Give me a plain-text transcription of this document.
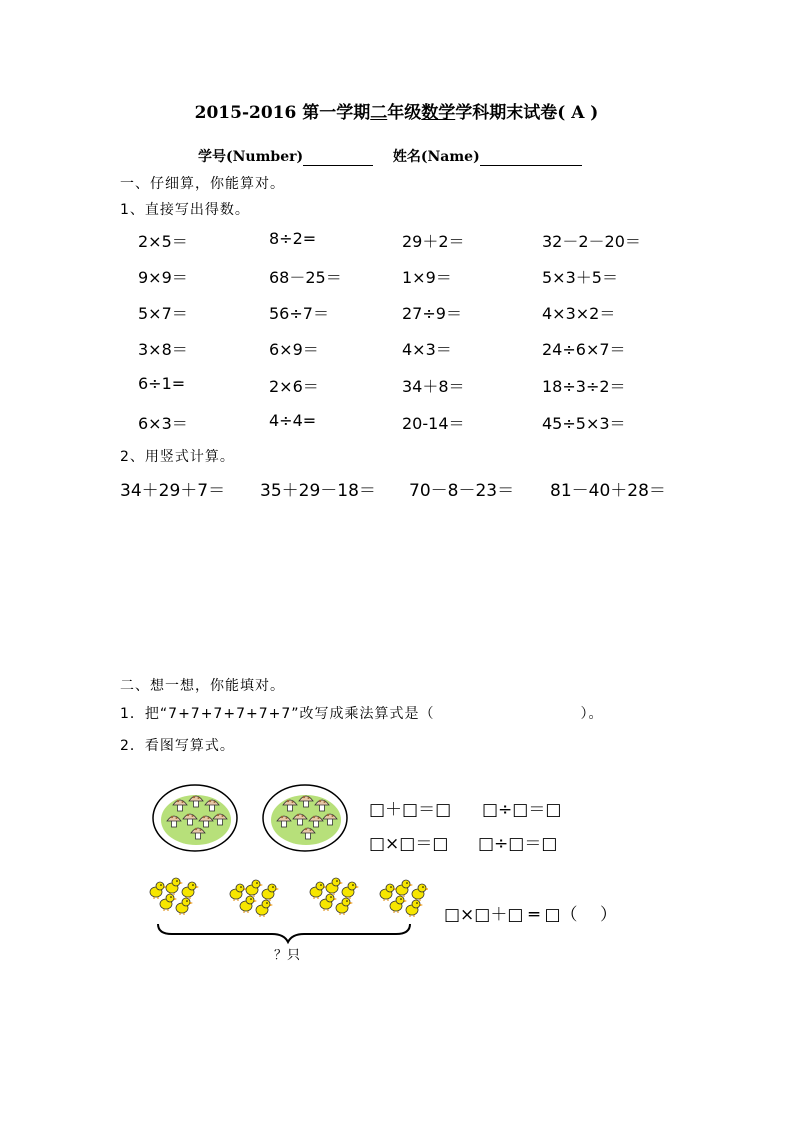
2015-2016 第一学期二年级数学学科期末试卷( A )
学号(Number)	姓名(Name)
一、仔细算，你能算对。
1、直接写出得数。
2×5＝	8÷2=	29＋2＝	32－2－20＝
9×9＝	68－25＝	1×9＝	5×3＋5＝
5×7＝	56÷7＝	27÷9＝	4×3×2＝
3×8＝	6×9＝	4×3＝	24÷6×7＝
6÷1=	2×6＝	34＋8＝	18÷3÷2＝
6×3＝	4÷4=	20-14＝	45÷5×3＝
2、用竖式计算。
34＋29＋7＝ 35＋29－18＝ 70－8－23＝ 81－40＋28＝
二、想一想，你能填对。
1．把“7+7+7+7+7+7”改写成乘法算式是（	）。
2．看图写算式。
□＋□＝□ □÷□＝□
□×□＝□ □÷□＝□
？只
□×□＋□ ═ □（　 ）
